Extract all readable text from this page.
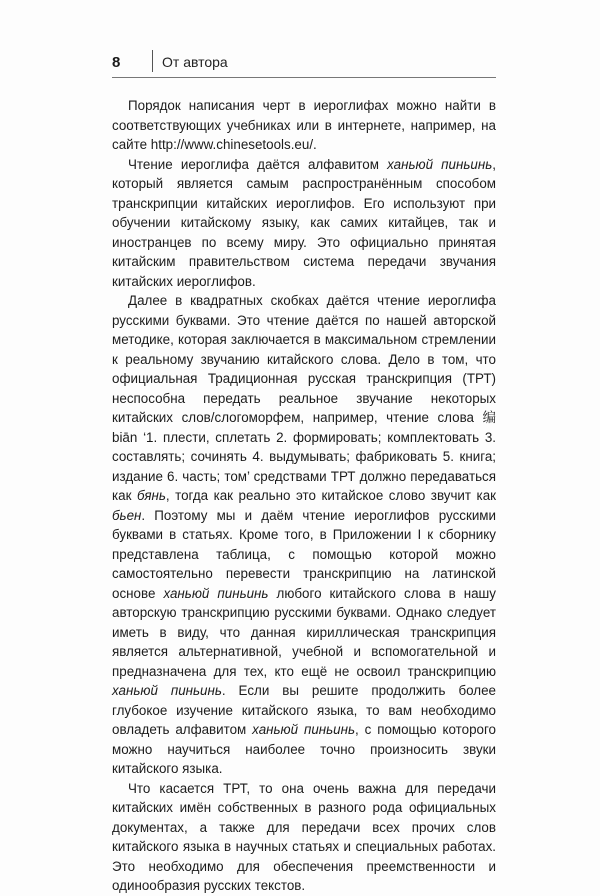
8	От автора

Порядок написания черт в иероглифах можно найти в соответствующих учебниках или в интернете, например, на сайте http://www.chinesetools.eu/.

Чтение иероглифа даётся алфавитом ханьюй пиньинь, который является самым распространённым способом транскрипции китайских иероглифов. Его используют при обучении китайскому языку, как самих китайцев, так и иностранцев по всему миру. Это официально принятая китайским правительством система передачи звучания китайских иероглифов.

Далее в квадратных скобках даётся чтение иероглифа русскими буквами. Это чтение даётся по нашей авторской методике, которая заключается в максимальном стремлении к реальному звучанию китайского слова. Дело в том, что официальная Традиционная русская транскрипция (ТРТ) неспособна передать реальное звучание некоторых китайских слов/слогоморфем, например, чтение слова 编 biān ‘1. плести, сплетать 2. формировать; комплектовать 3. составлять; сочинять 4. выдумывать; фабриковать 5. книга; издание 6. часть; том’ средствами ТРТ должно передаваться как бянь, тогда как реально это китайское слово звучит как бьен. Поэтому мы и даём чтение иероглифов русскими буквами в статьях. Кроме того, в Приложении I к сборнику представлена таблица, с помощью которой можно самостоятельно перевести транскрипцию на латинской основе ханьюй пиньинь любого китайского слова в нашу авторскую транскрипцию русскими буквами. Однако следует иметь в виду, что данная кириллическая транскрипция является альтернативной, учебной и вспомогательной и предназначена для тех, кто ещё не освоил транскрипцию ханьюй пиньинь. Если вы решите продолжить более глубокое изучение китайского языка, то вам необходимо овладеть алфавитом ханьюй пиньинь, с помощью которого можно научиться наиболее точно произносить звуки китайского языка.

Что касается ТРТ, то она очень важна для передачи китайских имён собственных в разного рода официальных документах, а также для передачи всех прочих слов китайского языка в научных статьях и специальных работах. Это необходимо для обеспечения преемственности и одинообразия русских текстов.
